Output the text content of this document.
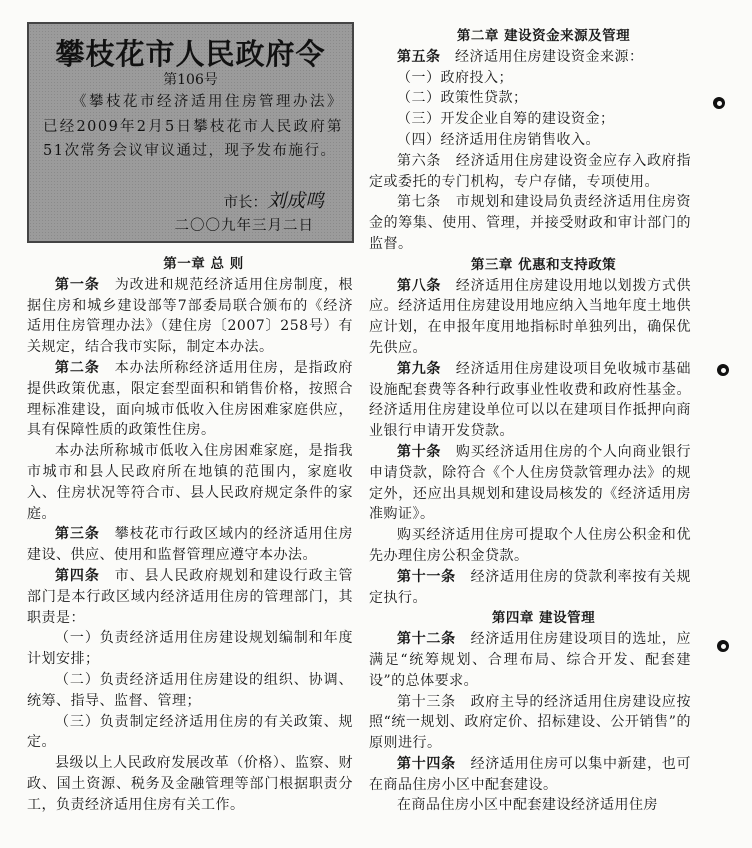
攀枝花市人民政府令
第106号
《攀枝花市经济适用住房管理办法》已经2009年2月5日攀枝花市人民政府第51次常务会议审议通过，现予发布施行。
市长：刘成鸣
二〇〇九年三月二日

第一章 总 则

第一条　 为改进和规范经济适用住房制度，根据住房和城乡建设部等7部委局联合颁布的《经济适用住房管理办法》（建住房〔2007〕258号）有关规定，结合我市实际，制定本办法。

第二条　 本办法所称经济适用住房，是指政府提供政策优惠，限定套型面积和销售价格，按照合理标准建设，面向城市低收入住房困难家庭供应，具有保障性质的政策性住房。

本办法所称城市低收入住房困难家庭，是指我市城市和县人民政府所在地镇的范围内，家庭收入、住房状况等符合市、县人民政府规定条件的家庭。

第三条　 攀枝花市行政区域内的经济适用住房建设、供应、使用和监督管理应遵守本办法。

第四条　 市、县人民政府规划和建设行政主管部门是本行政区域内经济适用住房的管理部门，其职责是：

（一）负责经济适用住房建设规划编制和年度计划安排；

（二）负责经济适用住房建设的组织、协调、统筹、指导、监督、管理；

（三）负责制定经济适用住房的有关政策、规定。

县级以上人民政府发展改革（价格）、监察、财政、国土资源、税务及金融管理等部门根据职责分工，负责经济适用住房有关工作。

第二章 建设资金来源及管理

第五条　 经济适用住房建设资金来源：

（一）政府投入；

（二）政策性贷款；

（三）开发企业自筹的建设资金；

（四）经济适用住房销售收入。

第六条　 经济适用住房建设资金应存入政府指定或委托的专门机构，专户存储，专项使用。

第七条　 市规划和建设局负责经济适用住房资金的筹集、使用、管理，并接受财政和审计部门的监督。

第三章 优惠和支持政策

第八条　 经济适用住房建设用地以划拨方式供应。经济适用住房建设用地应纳入当地年度土地供应计划，在申报年度用地指标时单独列出，确保优先供应。

第九条　 经济适用住房建设项目免收城市基础设施配套费等各种行政事业性收费和政府性基金。经济适用住房建设单位可以以在建项目作抵押向商业银行申请开发贷款。

第十条　 购买经济适用住房的个人向商业银行申请贷款，除符合《个人住房贷款管理办法》的规定外，还应出具规划和建设局核发的《经济适用房准购证》。

购买经济适用住房可提取个人住房公积金和优先办理住房公积金贷款。

第十一条　 经济适用住房的贷款利率按有关规定执行。

第四章 建设管理

第十二条　 经济适用住房建设项目的选址，应满足“统筹规划、合理布局、综合开发、配套建设”的总体要求。

第十三条　 政府主导的经济适用住房建设应按照“统一规划、政府定价、招标建设、公开销售”的原则进行。

第十四条　 经济适用住房可以集中新建，也可在商品住房小区中配套建设。

在商品住房小区中配套建设经济适用住房
